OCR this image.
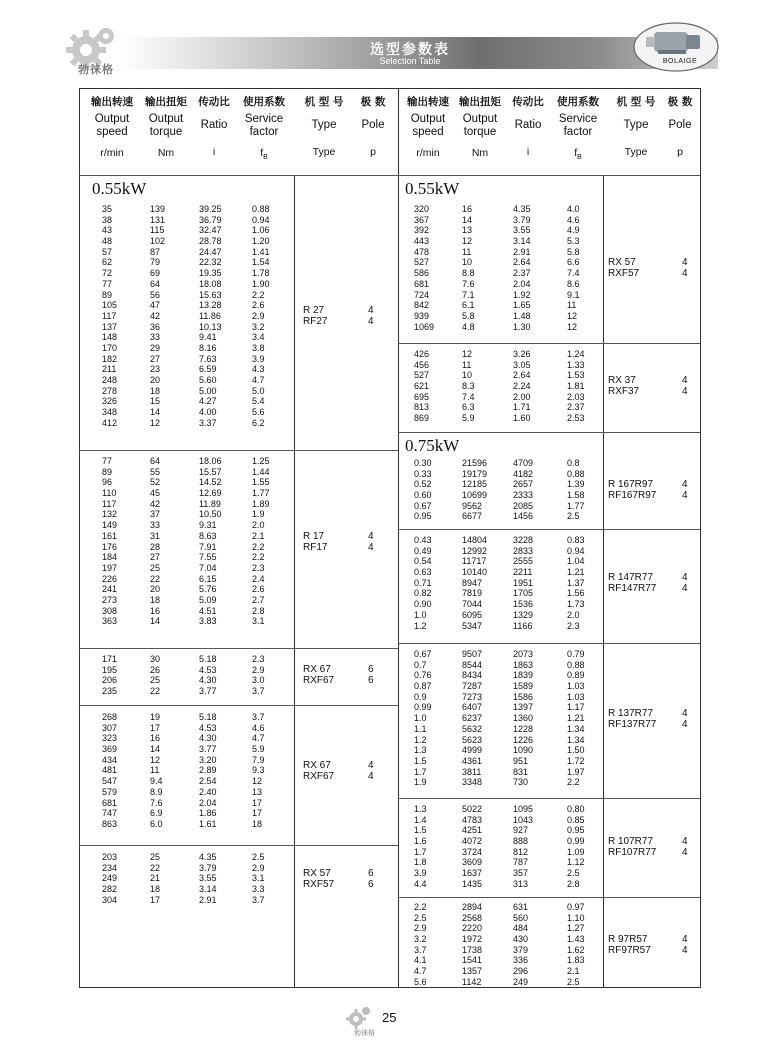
选型参数表
Selection Table
勃徕格
BOLAIGE
输出转速
Output
speed
r/min
输出扭矩
Output
torque
Nm
传动比
Ratio
i
使用系数
Service
factor
$f_B$
机 型 号
Type
Type
极 数
Pole
p
输出转速
Output
speed
r/min
输出扭矩
Output
torque
Nm
传动比
Ratio
i
使用系数
Service
factor
$f_B$
机 型 号
Type
Type
极 数
Pole
p
0.55kW	0.55kW
0.75kW
35
38
43
48
57
62
72
77
89
105
117
137
148
170
182
211
248
278
326
348
412
139
131
115
102
87
79
69
64
56
47
42
36
33
29
27
23
20
18
15
14
12
39.25
36.79
32.47
28.78
24.47
22.32
19.35
18.08
15.63
13.28
11.86
10.13
9.41
8.16
7.63
6.59
5.60
5.00
4.27
4.00
3.37
0.88
0.94
1.06
1.20
1.41
1.54
1.78
1.90
2.2
2.6
2.9
3.2
3.4
3.8
3.9
4.3
4.7
5.0
5.4
5.6
6.2
R 27
RF27
4
4
77
89
96
110
117
132
149
161
176
184
197
226
241
273
308
363
64
55
52
45
42
37
33
31
28
27
25
22
20
18
16
14
18.06
15.57
14.52
12.69
11.89
10.50
9.31
8.63
7.91
7.55
7.04
6.15
5.76
5.09
4.51
3.83
1.25
1.44
1.55
1.77
1.89
1.9
2.0
2.1
2.2
2.2
2.3
2.4
2.6
2.7
2.8
3.1
R 17
RF17
4
4
171
195
206
235
30
26
25
22
5.18
4.53
4.30
3.77
2.3
2.9
3.0
3.7
RX 67
RXF67
6
6
268
307
323
369
434
481
547
579
681
747
863
19
17
16
14
12
11
9.4
8.9
7.6
6.9
6.0
5.18
4.53
4.30
3.77
3.20
2.89
2.54
2.40
2.04
1.86
1.61
3.7
4.6
4.7
5.9
7.9
9.3
12
13
17
17
18
RX 67
RXF67
4
4
203
234
249
282
304
25
22
21
18
17
4.35
3.79
3.55
3.14
2.91
2.5
2.9
3.1
3.3
3.7
RX 57
RXF57
6
6
320
367
392
443
478
527
586
681
724
842
939
1069
16
14
13
12
11
10
8.8
7.6
7.1
6.1
5.8
4.8
4.35
3.79
3.55
3.14
2.91
2.64
2.37
2.04
1.92
1.65
1.48
1.30
4.0
4.6
4.9
5.3
5.8
6.6
7.4
8.6
9.1
11
12
12
RX 57
RXF57
4
4
426
456
527
621
695
813
869
12
11
10
8.3
7.4
6.3
5.9
3.26
3.05
2.64
2.24
2.00
1.71
1.60
1.24
1.33
1.53
1.81
2.03
2.37
2.53
RX 37
RXF37
4
4
0.30
0.33
0.52
0.60
0.67
0.95
21596
19179
12185
10699
9562
6677
4709
4182
2657
2333
2085
1456
0.8
0.88
1.39
1.58
1.77
2.5
R 167R97
RF167R97
4
4
0.43
0.49
0.54
0.63
0.71
0.82
0.90
1.0
1.2
14804
12992
11717
10140
8947
7819
7044
6095
5347
3228
2833
2555
2211
1951
1705
1536
1329
1166
0.83
0.94
1.04
1.21
1.37
1.56
1.73
2.0
2.3
R 147R77
RF147R77
4
4
0.67
0.7
0.76
0.87
0.9
0.99
1.0
1.1
1.2
1.3
1.5
1.7
1.9
9507
8544
8434
7287
7273
6407
6237
5632
5623
4999
4361
3811
3348
2073
1863
1839
1589
1586
1397
1360
1228
1226
1090
951
831
730
0.79
0.88
0.89
1.03
1.03
1.17
1.21
1.34
1.34
1.50
1.72
1.97
2.2
R 137R77
RF137R77
4
4
1.3
1.4
1.5
1.6
1.7
1.8
3.9
4.4
5022
4783
4251
4072
3724
3609
1637
1435
1095
1043
927
888
812
787
357
313
0.80
0.85
0.95
0.99
1.09
1.12
2.5
2.8
R 107R77
RF107R77
4
4
2.2
2.5
2.9
3.2
3.7
4.1
4.7
5.6
2894
2568
2220
1972
1738
1541
1357
1142
631
560
484
430
379
336
296
249
0.97
1.10
1.27
1.43
1.62
1.83
2.1
2.5
R 97R57
RF97R57
4
4
勃徕格
25
